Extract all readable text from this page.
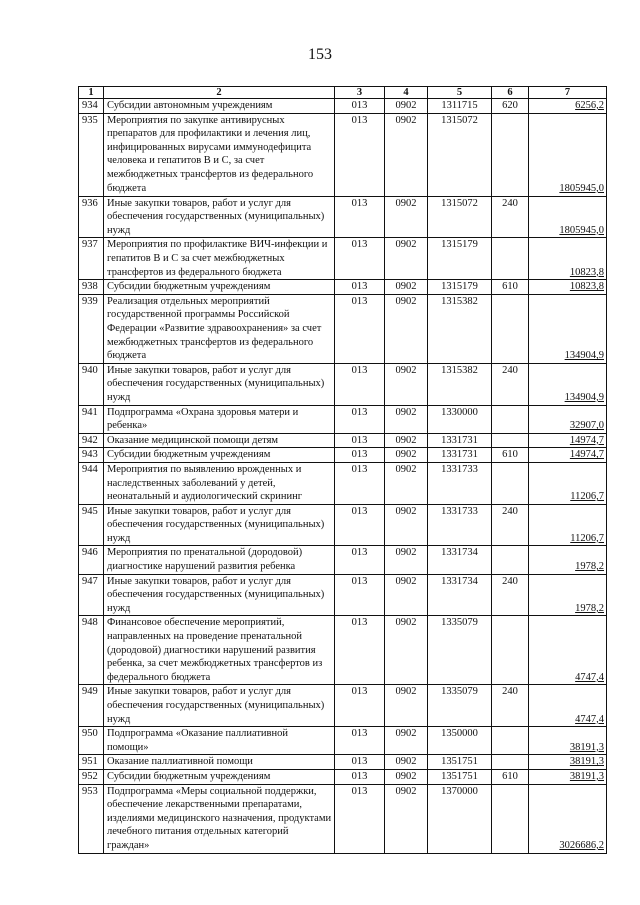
153
1	2	3	4	5	6	7
934	Субсидии автономным учреждениям	013	0902	1311715	620	6256,2
935	Мероприятия по закупке антивирусных препаратов для профилактики и лечения лиц, инфицированных вирусами иммунодефицита человека и гепатитов В и С, за счет межбюджетных трансфертов из федерального бюджета	013	0902	1315072		1805945,0
936	Иные закупки товаров, работ и услуг для обеспечения государственных (муниципальных) нужд	013	0902	1315072	240	1805945,0
937	Мероприятия по профилактике ВИЧ-инфекции и гепатитов В и С за счет межбюджетных трансфертов из федерального бюджета	013	0902	1315179		10823,8
938	Субсидии бюджетным учреждениям	013	0902	1315179	610	10823,8
939	Реализация отдельных мероприятий государственной программы Российской Федерации «Развитие здравоохранения» за счет межбюджетных трансфертов из федерального бюджета	013	0902	1315382		134904,9
940	Иные закупки товаров, работ и услуг для обеспечения государственных (муниципальных) нужд	013	0902	1315382	240	134904,9
941	Подпрограмма «Охрана здоровья матери и ребенка»	013	0902	1330000		32907,0
942	Оказание медицинской помощи детям	013	0902	1331731		14974,7
943	Субсидии бюджетным учреждениям	013	0902	1331731	610	14974,7
944	Мероприятия по выявлению врожденных и наследственных заболеваний у детей, неонатальный и аудиологический скрининг	013	0902	1331733		11206,7
945	Иные закупки товаров, работ и услуг для обеспечения государственных (муниципальных) нужд	013	0902	1331733	240	11206,7
946	Мероприятия по пренатальной (дородовой) диагностике нарушений развития ребенка	013	0902	1331734		1978,2
947	Иные закупки товаров, работ и услуг для обеспечения государственных (муниципальных) нужд	013	0902	1331734	240	1978,2
948	Финансовое обеспечение мероприятий, направленных на проведение пренатальной (дородовой) диагностики нарушений развития ребенка, за счет межбюджетных трансфертов из федерального бюджета	013	0902	1335079		4747,4
949	Иные закупки товаров, работ и услуг для обеспечения государственных (муниципальных) нужд	013	0902	1335079	240	4747,4
950	Подпрограмма «Оказание паллиативной помощи»	013	0902	1350000		38191,3
951	Оказание паллиативной помощи	013	0902	1351751		38191,3
952	Субсидии бюджетным учреждениям	013	0902	1351751	610	38191,3
953	Подпрограмма «Меры социальной поддержки, обеспечение лекарственными препаратами, изделиями медицинского назначения, продуктами лечебного питания отдельных категорий граждан»	013	0902	1370000		3026686,2
